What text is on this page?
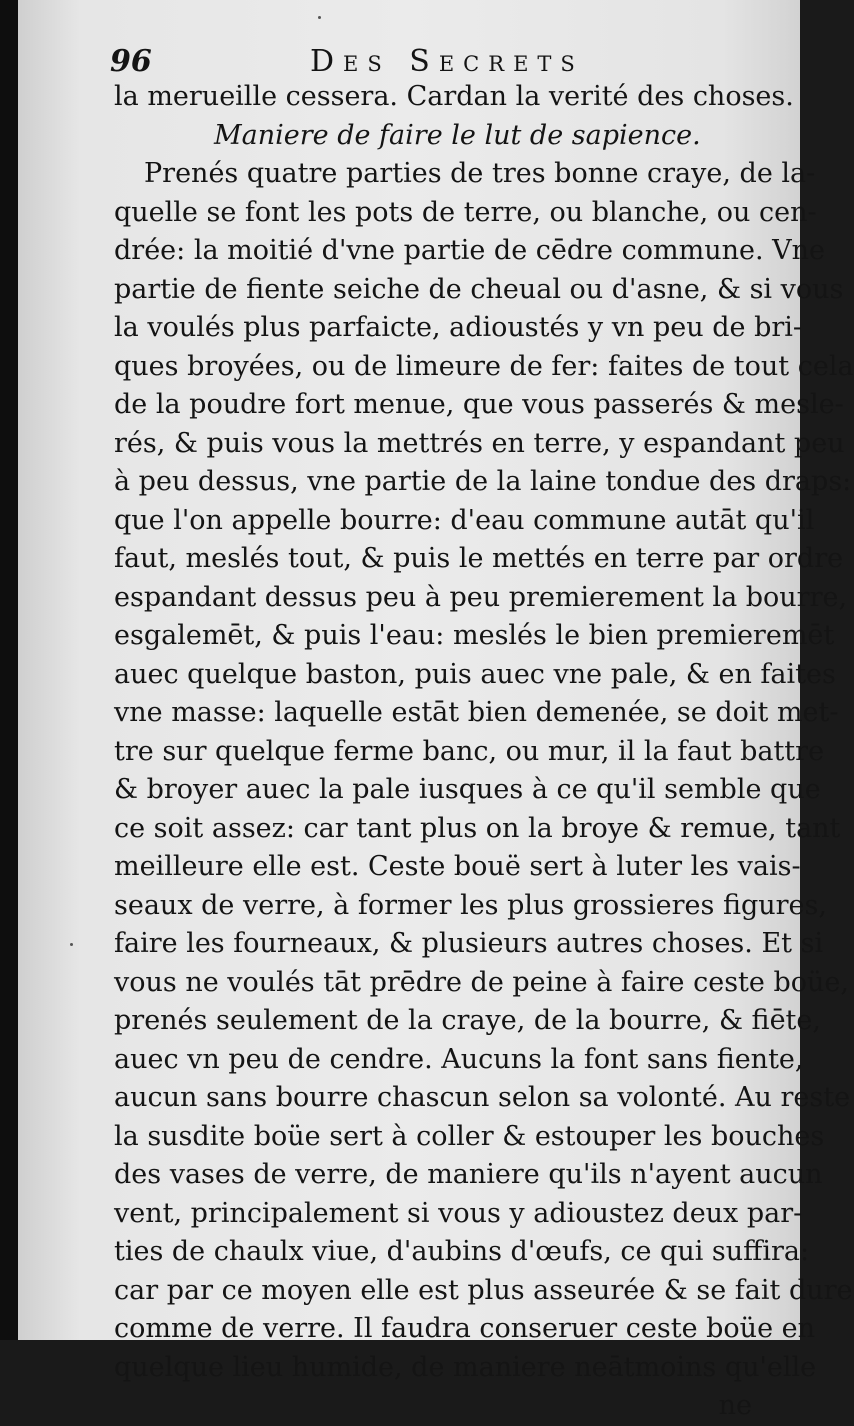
96	Des Secrets
la merueille cessera. Cardan la verité des choses.
Maniere de faire le lut de sapience.
Prenés quatre parties de tres bonne craye, de la-
quelle se font les pots de terre, ou blanche, ou cen-
drée: la moitié d'vne partie de cēdre commune. Vne
partie de fiente seiche de cheual ou d'asne, & si vous
la voulés plus parfaicte, adioustés y vn peu de bri-
ques broyées, ou de limeure de fer: faites de tout cela
de la poudre fort menue, que vous passerés & mesle-
rés, & puis vous la mettrés en terre, y espandant peu
à peu dessus, vne partie de la laine tondue des draps:
que l'on appelle bourre: d'eau commune autāt qu'il
faut, meslés tout, & puis le mettés en terre par ordre
espandant dessus peu à peu premierement la bourre,
esgalemēt, & puis l'eau: meslés le bien premieremēt
auec quelque baston, puis auec vne pale, & en faites
vne masse: laquelle estāt bien demenée, se doit met-
tre sur quelque ferme banc, ou mur, il la faut battre
& broyer auec la pale iusques à ce qu'il semble que
ce soit assez: car tant plus on la broye & remue, tant
meilleure elle est. Ceste bouë sert à luter les vais-
seaux de verre, à former les plus grossieres figures,
faire les fourneaux, & plusieurs autres choses. Et si
vous ne voulés tāt prēdre de peine à faire ceste boüe,
prenés seulement de la craye, de la bourre, & fiēte,
auec vn peu de cendre. Aucuns la font sans fiente,
aucun sans bourre chascun selon sa volonté. Au reste
la susdite boüe sert à coller & estouper les bouches
des vases de verre, de maniere qu'ils n'ayent aucun
vent, principalement si vous y adioustez deux par-
ties de chaulx viue, d'aubins d'œufs, ce qui suffira:
car par ce moyen elle est plus asseurée & se fait dure
comme de verre. Il faudra conseruer ceste boüe en
quelque lieu humide, de maniere neātmoins qu'elle
ne
